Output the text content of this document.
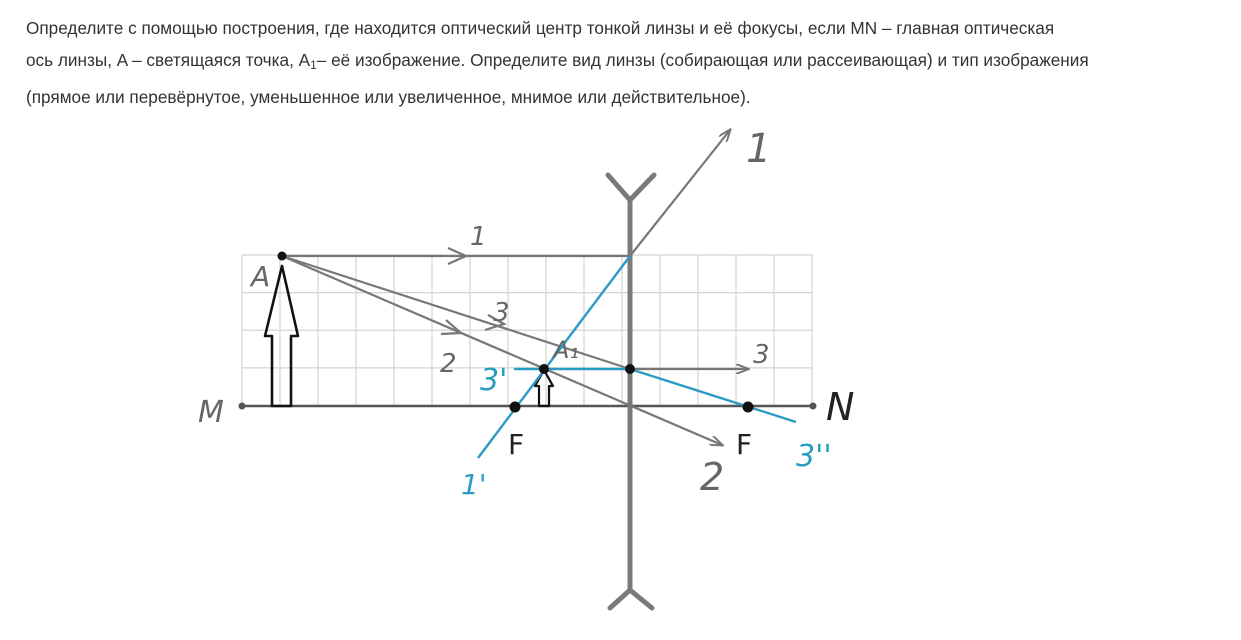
Определите с помощью построения, где находится оптический центр тонкой линзы и её фокусы, если MN – главная оптическая

ось линзы, A – светящаяся точка, $A_1-$ её изображение. Определите вид линзы (собирающая или рассеивающая) и тип изображения

(прямое или перевёрнутое, уменьшенное или увеличенное, мнимое или действительное).

M	N
A
A₁
F	F
1
1
2
2
3
3
1'
3'
3''
